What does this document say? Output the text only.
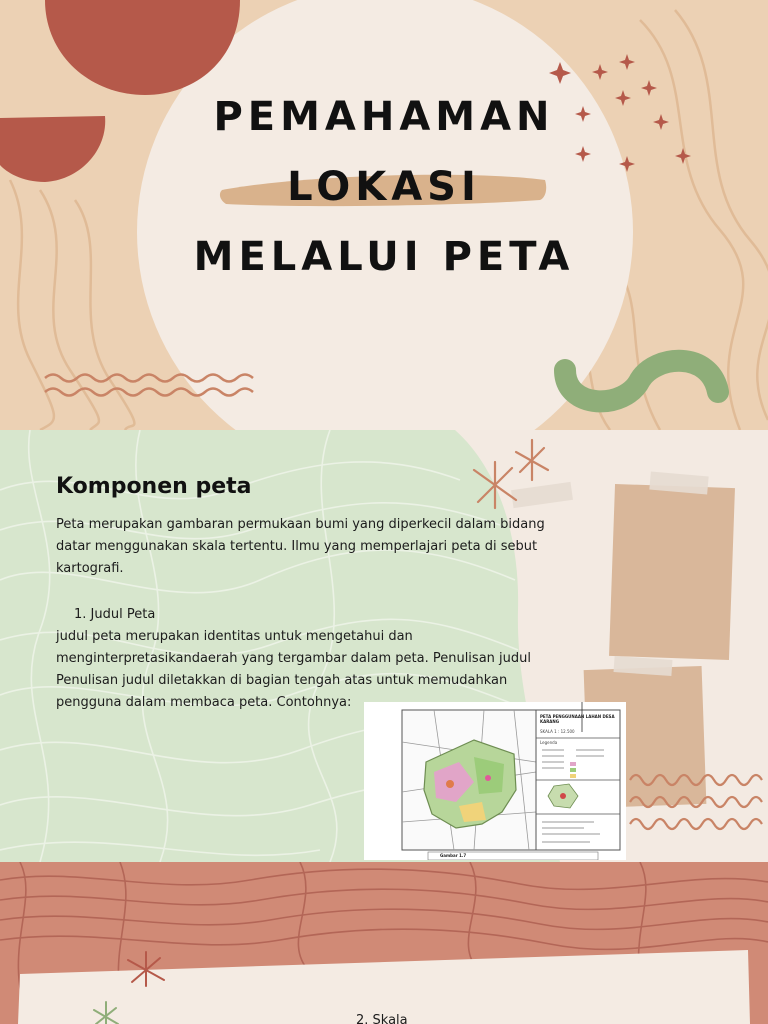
PEMAHAMAN
LOKASI
MELALUI PETA
Komponen peta

Peta merupakan gambaran permukaan bumi yang diperkecil dalam bidang datar menggunakan skala tertentu. Ilmu yang memperlajari peta di sebut kartografi.

1. Judul Peta

judul peta merupakan identitas untuk mengetahui dan menginterpretasikandaerah yang tergambar dalam peta. Penulisan judul Penulisan judul diletakkan di bagian tengah atas untuk memudahkan pengguna dalam membaca peta. Contohnya:

PETA PENGGUNAAN LAHAN DESA KARANG
SKALA 1 : 12.500
Legenda
Gambar 1.7
2. Skala
